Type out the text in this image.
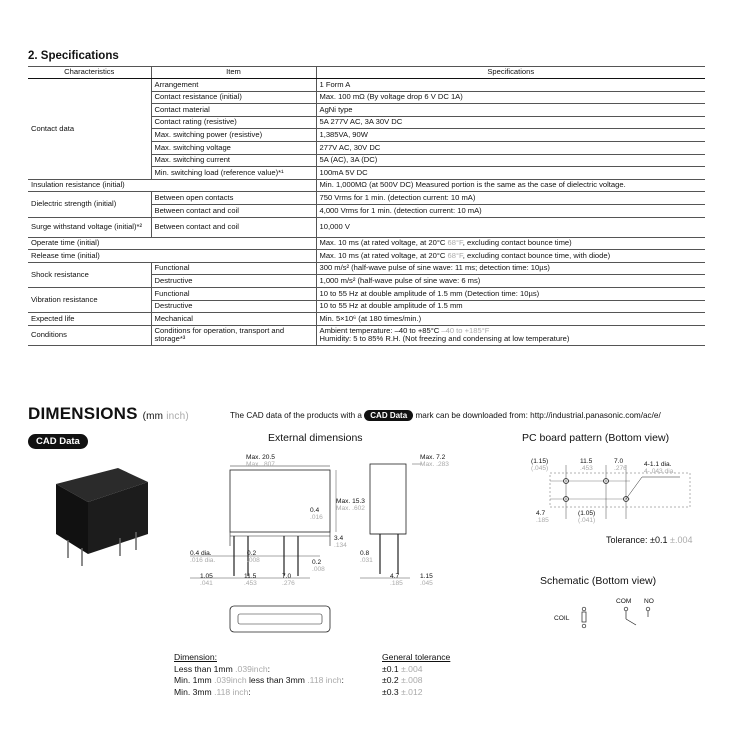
2. Specifications
Characteristics	Item	Specifications
Contact data	Arrangement	1 Form A
	Contact resistance (initial)	Max. 100 mΩ (By voltage drop 6 V DC 1A)
	Contact material	AgNi type
	Contact rating (resistive)	5A 277V AC, 3A 30V DC
	Max. switching power (resistive)	1,385VA, 90W
	Max. switching voltage	277V AC, 30V DC
	Max. switching current	5A (AC), 3A (DC)
	Min. switching load (reference value)*¹	100mA 5V DC
Insulation resistance (initial)		Min. 1,000MΩ (at 500V DC) Measured portion is the same as the case of dielectric voltage.
Dielectric strength (initial)	Between open contacts	750 Vrms for 1 min. (detection current: 10 mA)
	Between contact and coil	4,000 Vrms for 1 min. (detection current: 10 mA)
Surge withstand voltage (initial)*²	Between contact and coil	10,000 V
Operate time (initial)		Max. 10 ms (at rated voltage, at 20°C 68°F, excluding contact bounce time)
Release time (initial)		Max. 10 ms (at rated voltage, at 20°C 68°F, excluding contact bounce time, with diode)
Shock resistance	Functional	300 m/s² (half-wave pulse of sine wave: 11 ms; detection time: 10µs)
	Destructive	1,000 m/s² (half-wave pulse of sine wave: 6 ms)
Vibration resistance	Functional	10 to 55 Hz at double amplitude of 1.5 mm (Detection time: 10µs)
	Destructive	10 to 55 Hz at double amplitude of 1.5 mm
Expected life	Mechanical	Min. 5×10⁶ (at 180 times/min.)
Conditions	Conditions for operation, transport and storage*³	Ambient temperature: –40 to +85°C –40 to +185°F
Humidity: 5 to 85% R.H. (Not freezing and condensing at low temperature)
DIMENSIONS (mm inch)	The CAD data of the products with a CAD Data mark can be downloaded from: http://industrial.panasonic.com/ac/e/
CAD Data	External dimensions	PC board pattern (Bottom view)
Schematic (Bottom view)
Tolerance: ±0.1 ±.004
Max. 20.5
Max. .807
Max. 7.2
Max. .283
Max. 15.3
Max. .602
0.4
.016
3.4
.134
0.4 dia.
.016 dia.
0.2
.008	0.2
.008
0.8
.031
1.05
.041
11.5
.453
7.0
.276
4.7
.185
1.15
.045
(1.15)
(.045)
11.5
.453
7.0
.276
4-1.1 dia.
4-.043 dia.
4.7
.185
(1.05)
(.041)
COM NO
COIL
Dimension:	General tolerance
Less than 1mm .039inch:	±0.1 ±.004
Min. 1mm .039inch less than 3mm .118 inch:	±0.2 ±.008
Min. 3mm .118 inch:	±0.3 ±.012
